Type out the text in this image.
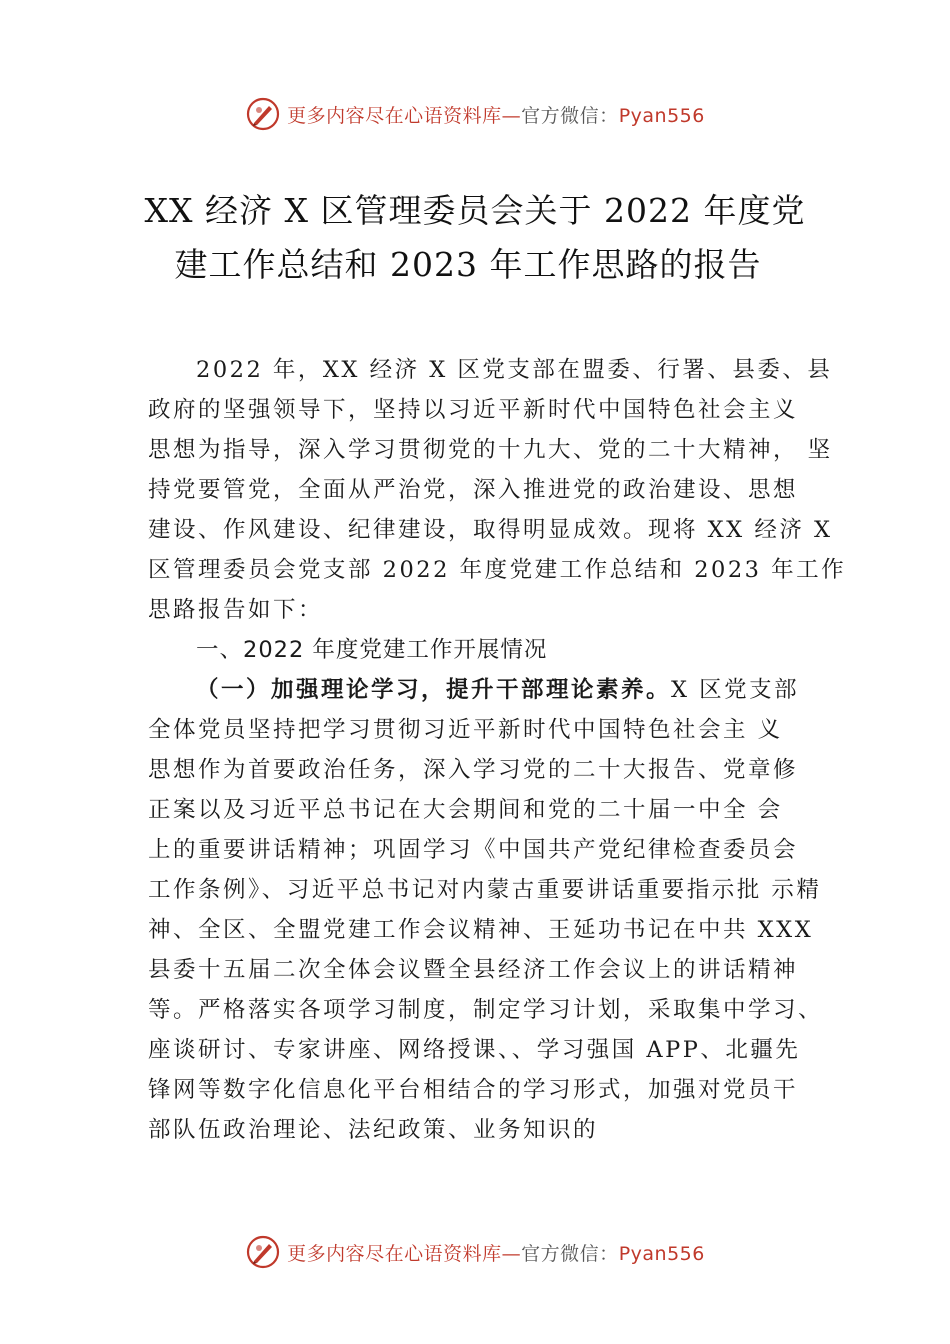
更多内容尽在心语资料库—官方微信：Pyan556
XX 经济 X 区管理委员会关于 2022 年度党
建工作总结和 2023 年工作思路的报告
2022 年，XX 经济 X 区党支部在盟委、行署、县委、县
政府的坚强领导下，坚持以习近平新时代中国特色社会主义
思想为指导，深入学习贯彻党的十九大、党的二十大精神， 坚
持党要管党，全面从严治党，深入推进党的政治建设、思想
建设、作风建设、纪律建设，取得明显成效。现将 XX 经济 X
区管理委员会党支部 2022 年度党建工作总结和 2023 年工作
思路报告如下：
一、2022 年度党建工作开展情况
（一）加强理论学习，提升干部理论素养。X 区党支部
全体党员坚持把学习贯彻习近平新时代中国特色社会主 义
思想作为首要政治任务，深入学习党的二十大报告、党章修
正案以及习近平总书记在大会期间和党的二十届一中全 会
上的重要讲话精神；巩固学习《中国共产党纪律检查委员会
工作条例》、习近平总书记对内蒙古重要讲话重要指示批 示精
神、全区、全盟党建工作会议精神、王延功书记在中共 XXX
县委十五届二次全体会议暨全县经济工作会议上的讲话精神
等。严格落实各项学习制度，制定学习计划，采取集中学习、
座谈研讨、专家讲座、网络授课、、学习强国 APP、北疆先
锋网等数字化信息化平台相结合的学习形式，加强对党员干
部队伍政治理论、法纪政策、业务知识的
更多内容尽在心语资料库—官方微信：Pyan556
